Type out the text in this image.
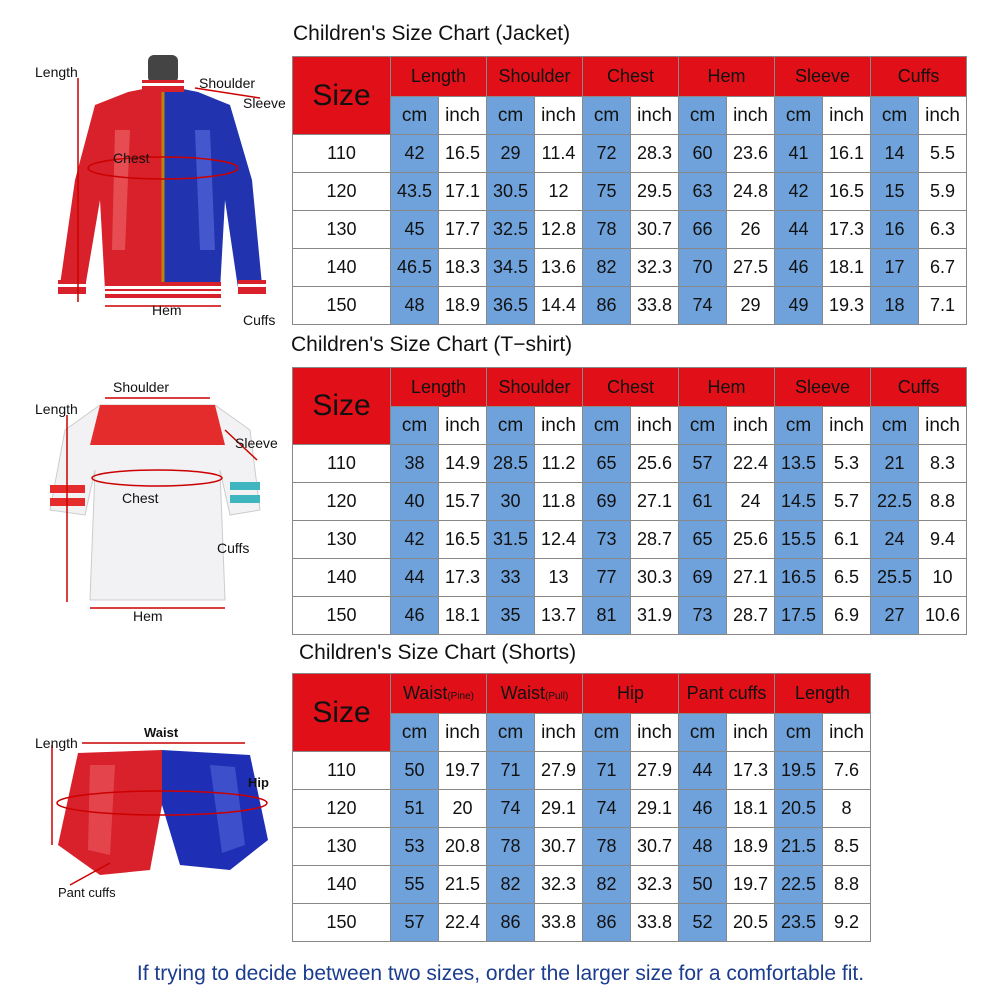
Children's Size Chart (Jacket)
Size	Length		Shoulder		Chest		Hem		Sleeve		Cuffs	
	cm	inch	cm	inch	cm	inch	cm	inch	cm	inch	cm	inch
110	42	16.5	29	11.4	72	28.3	60	23.6	41	16.1	14	5.5
120	43.5	17.1	30.5	12	75	29.5	63	24.8	42	16.5	15	5.9
130	45	17.7	32.5	12.8	78	30.7	66	26	44	17.3	16	6.3
140	46.5	18.3	34.5	13.6	82	32.3	70	27.5	46	18.1	17	6.7
150	48	18.9	36.5	14.4	86	33.8	74	29	49	19.3	18	7.1
Length
Shoulder
Sleeve
Chest
Hem
Cuffs
Children's Size Chart (T−shirt)
Size	Length		Shoulder		Chest		Hem		Sleeve		Cuffs	
	cm	inch	cm	inch	cm	inch	cm	inch	cm	inch	cm	inch
110	38	14.9	28.5	11.2	65	25.6	57	22.4	13.5	5.3	21	8.3
120	40	15.7	30	11.8	69	27.1	61	24	14.5	5.7	22.5	8.8
130	42	16.5	31.5	12.4	73	28.7	65	25.6	15.5	6.1	24	9.4
140	44	17.3	33	13	77	30.3	69	27.1	16.5	6.5	25.5	10
150	46	18.1	35	13.7	81	31.9	73	28.7	17.5	6.9	27	10.6
Shoulder
Length
Sleeve
Chest
Cuffs
Hem
Children's Size Chart (Shorts)
Size	Waist(Pine)		Waist(Pull)		Hip		Pant cuffs		Length	
	cm	inch	cm	inch	cm	inch	cm	inch	cm	inch
110	50	19.7	71	27.9	71	27.9	44	17.3	19.5	7.6
120	51	20	74	29.1	74	29.1	46	18.1	20.5	8
130	53	20.8	78	30.7	78	30.7	48	18.9	21.5	8.5
140	55	21.5	82	32.3	82	32.3	50	19.7	22.5	8.8
150	57	22.4	86	33.8	86	33.8	52	20.5	23.5	9.2
Waist
Length
Hip
Pant cuffs
If trying to decide between two sizes, order the larger size for a comfortable fit.
